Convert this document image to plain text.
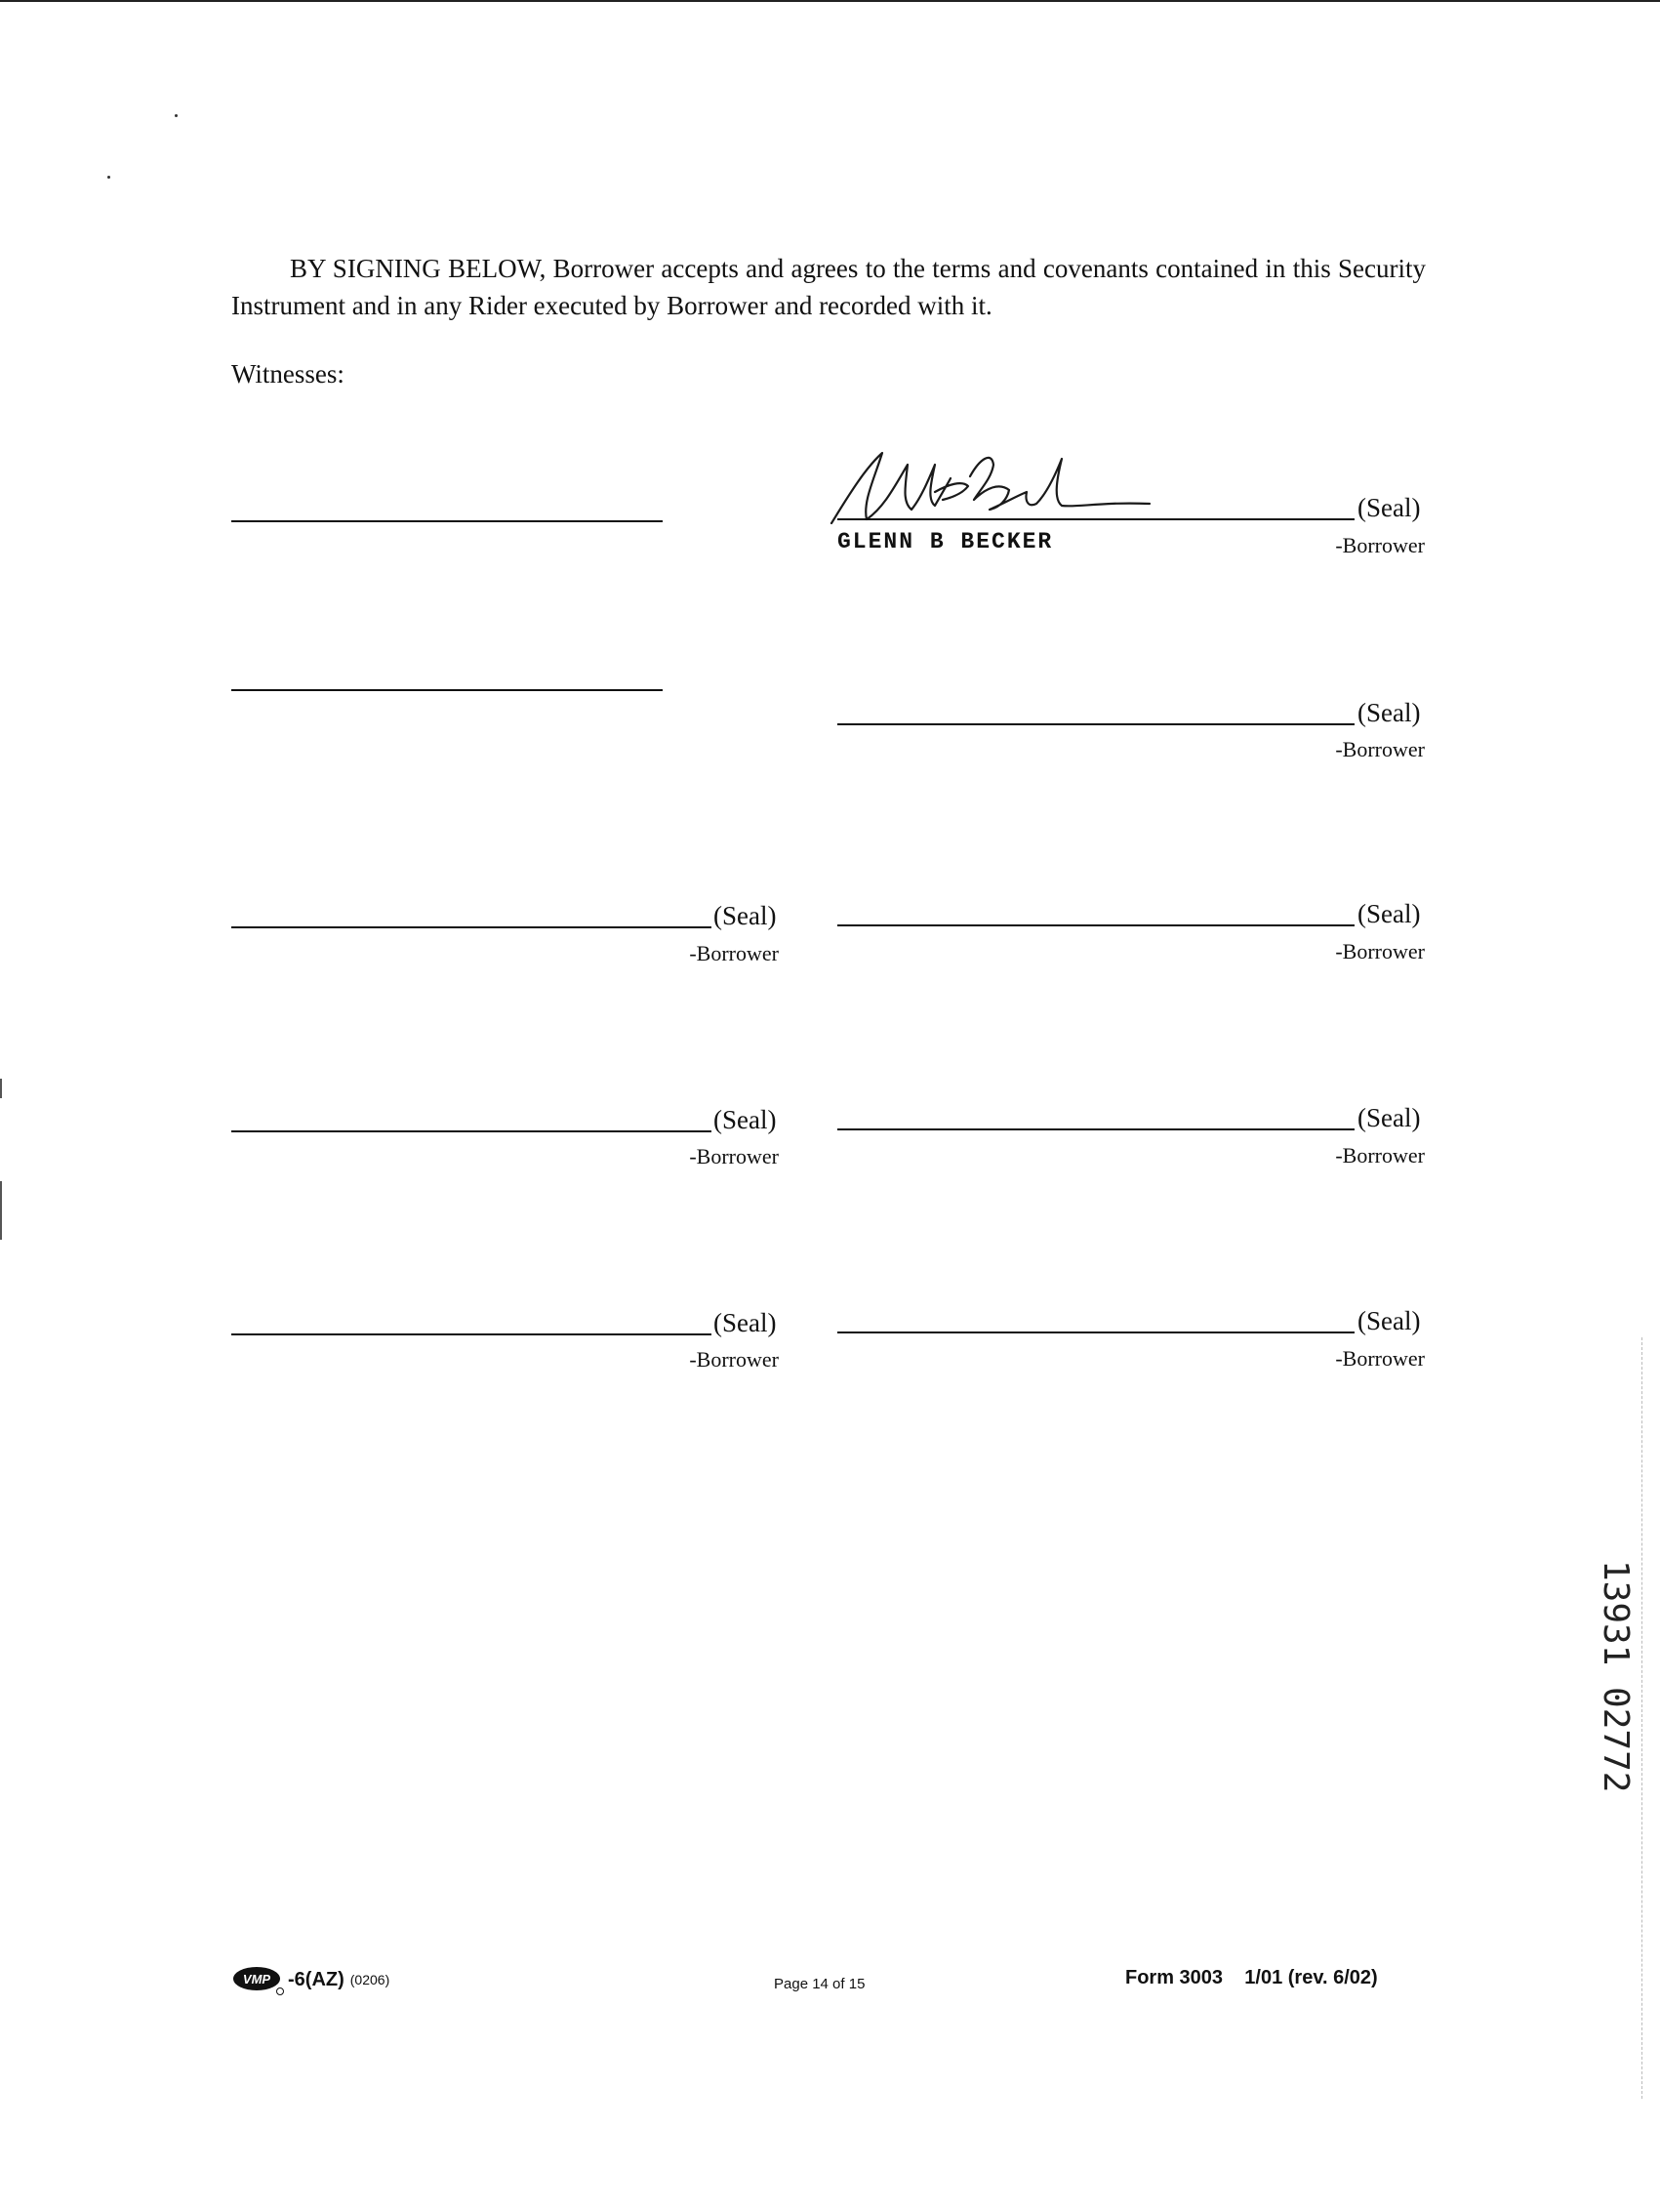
BY SIGNING BELOW, Borrower accepts and agrees to the terms and covenants contained in this Security Instrument and in any Rider executed by Borrower and recorded with it.

Witnesses:
(Seal)
GLENN B BECKER	-Borrower
(Seal)
-Borrower
(Seal)
-Borrower
(Seal)
-Borrower
(Seal)
-Borrower
(Seal)
-Borrower
(Seal)
-Borrower
(Seal)
-Borrower
13931 02772
VMP -6(AZ) (0206)	Page 14 of 15	Form 3003    1/01 (rev. 6/02)
